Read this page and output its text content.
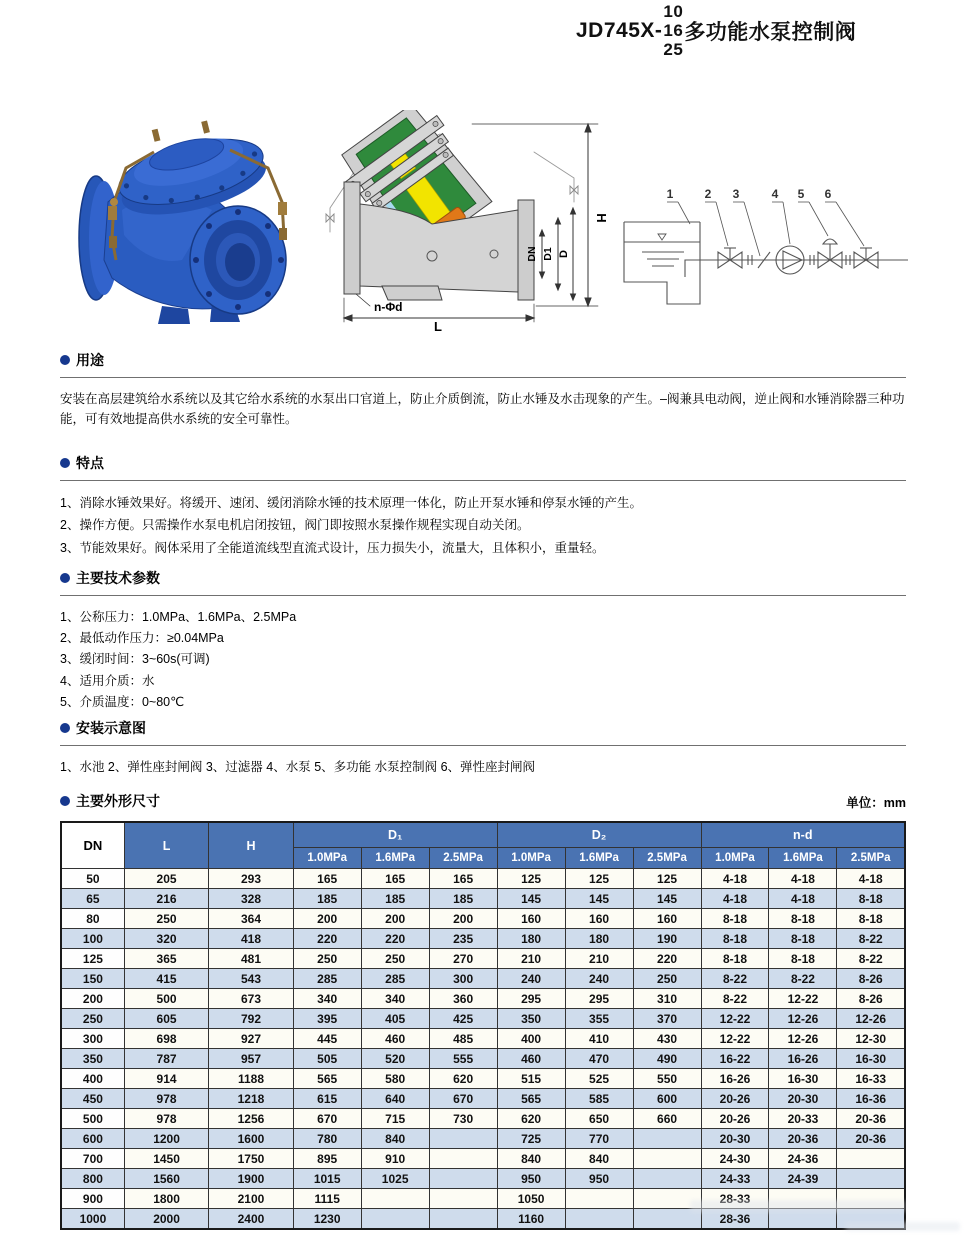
JD745X-
10
16
25
多功能水泵控制阀
H
DN D1 D
L
n-Φd
1	2 3	4 5 6
用途

安装在高层建筑给水系统以及其它给水系统的水泵出口官道上，防止介质倒流，防止水锤及水击现象的产生。–阀兼具电动阀，逆止阀和水锤消除器三种功能，可有效地提高供水系统的安全可靠性。

特点
1、消除水锤效果好。将缓开、速闭、缓闭消除水锤的技术原理一体化，防止开泵水锤和停泵水锤的产生。
2、操作方便。只需操作水泵电机启闭按钮，阀门即按照水泵操作规程实现自动关闭。
3、节能效果好。阀体采用了全能道流线型直流式设计，压力损失小，流量大，且体积小，重量轻。
主要技术参数
1、公称压力：1.0MPa、1.6MPa、2.5MPa
2、最低动作压力：≥0.04MPa
3、缓闭时间：3~60s(可调)
4、适用介质：水
5、介质温度：0~80℃
安装示意图

1、水池 2、弹性座封闸阀 3、过滤器 4、水泵 5、多功能 水泵控制阀 6、弹性座封闸阀

主要外形尺寸	单位：mm
DN	L	H	D₁			D₂			n-d		
			1.0MPa	1.6MPa	2.5MPa	1.0MPa	1.6MPa	2.5MPa	1.0MPa	1.6MPa	2.5MPa
50	205	293	165	165	165	125	125	125	4-18	4-18	4-18
65	216	328	185	185	185	145	145	145	4-18	4-18	8-18
80	250	364	200	200	200	160	160	160	8-18	8-18	8-18
100	320	418	220	220	235	180	180	190	8-18	8-18	8-22
125	365	481	250	250	270	210	210	220	8-18	8-18	8-22
150	415	543	285	285	300	240	240	250	8-22	8-22	8-26
200	500	673	340	340	360	295	295	310	8-22	12-22	8-26
250	605	792	395	405	425	350	355	370	12-22	12-26	12-26
300	698	927	445	460	485	400	410	430	12-22	12-26	12-30
350	787	957	505	520	555	460	470	490	16-22	16-26	16-30
400	914	1188	565	580	620	515	525	550	16-26	16-30	16-33
450	978	1218	615	640	670	565	585	600	20-26	20-30	16-36
500	978	1256	670	715	730	620	650	660	20-26	20-33	20-36
600	1200	1600	780	840		725	770		20-30	20-36	20-36
700	1450	1750	895	910		840	840		24-30	24-36	
800	1560	1900	1015	1025		950	950		24-33	24-39	
900	1800	2100	1115			1050			28-33		
1000	2000	2400	1230			1160			28-36		
